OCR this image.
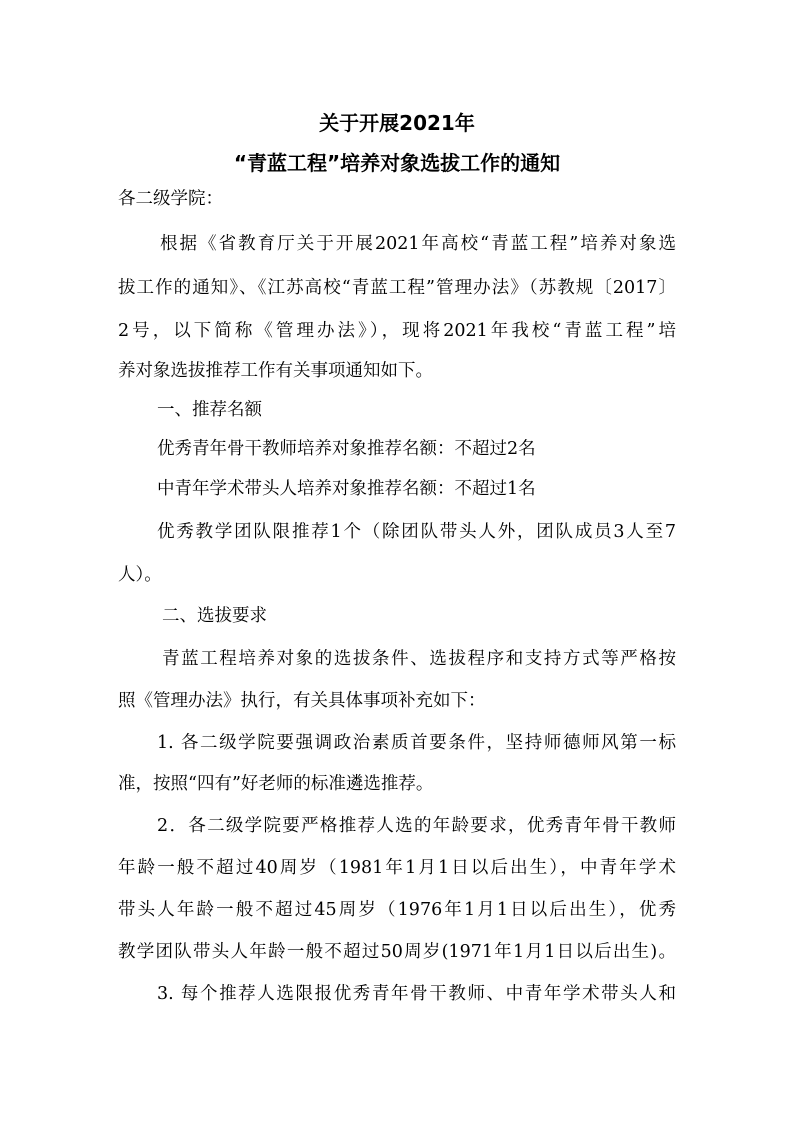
关于开展2021年
“青蓝工程”培养对象选拔工作的通知
各二级学院：
根据《省教育厅关于开展2021年高校“青蓝工程”培养对象选
拔工作的通知》、《江苏高校“青蓝工程”管理办法》（苏教规〔2017〕
2号，以下简称《管理办法》），现将2021年我校“青蓝工程”培
养对象选拔推荐工作有关事项通知如下。
一、推荐名额
优秀青年骨干教师培养对象推荐名额：不超过2名
中青年学术带头人培养对象推荐名额：不超过1名
优秀教学团队限推荐1个（除团队带头人外，团队成员3人至7
人）。
二、选拔要求
青蓝工程培养对象的选拔条件、选拔程序和支持方式等严格按
照《管理办法》执行，有关具体事项补充如下：
1. 各二级学院要强调政治素质首要条件，坚持师德师风第一标
准，按照“四有”好老师的标准遴选推荐。
2．各二级学院要严格推荐人选的年龄要求，优秀青年骨干教师
年龄一般不超过40周岁（1981年1月1日以后出生），中青年学术
带头人年龄一般不超过45周岁（1976年1月1日以后出生），优秀
教学团队带头人年龄一般不超过50周岁(1971年1月1日以后出生)。
3. 每个推荐人选限报优秀青年骨干教师、中青年学术带头人和
